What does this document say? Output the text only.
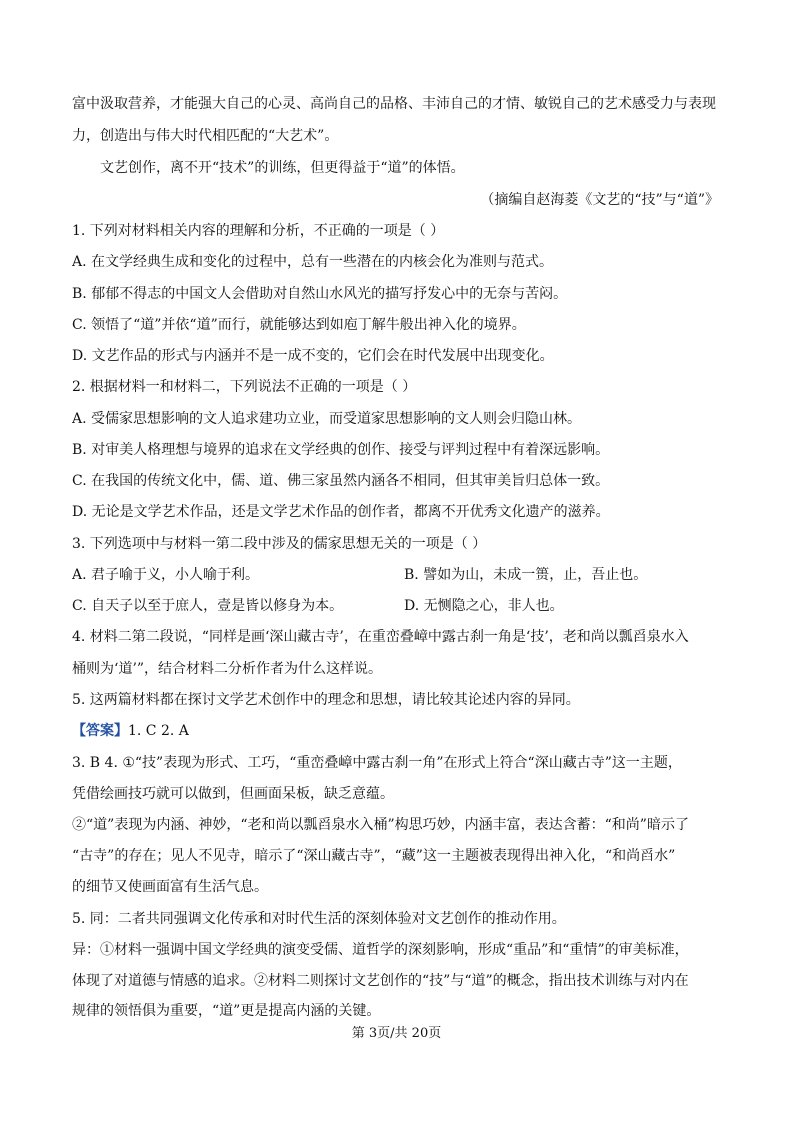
富中汲取营养，才能强大自己的心灵、高尚自己的品格、丰沛自己的才情、敏锐自己的艺术感受力与表现
力，创造出与伟大时代相匹配的“大艺术”。
文艺创作，离不开“技术”的训练，但更得益于“道”的体悟。
（摘编自赵海菱《文艺的“技”与“道”》
1. 下列对材料相关内容的理解和分析，不正确的一项是（ ）
A. 在文学经典生成和变化的过程中，总有一些潜在的内核会化为准则与范式。
B. 郁郁不得志的中国文人会借助对自然山水风光的描写抒发心中的无奈与苦闷。
C. 领悟了“道”并依“道”而行，就能够达到如庖丁解牛般出神入化的境界。
D. 文艺作品的形式与内涵并不是一成不变的，它们会在时代发展中出现变化。
2. 根据材料一和材料二，下列说法不正确的一项是（ ）
A. 受儒家思想影响的文人追求建功立业，而受道家思想影响的文人则会归隐山林。
B. 对审美人格理想与境界的追求在文学经典的创作、接受与评判过程中有着深远影响。
C. 在我国的传统文化中，儒、道、佛三家虽然内涵各不相同，但其审美旨归总体一致。
D. 无论是文学艺术作品，还是文学艺术作品的创作者，都离不开优秀文化遗产的滋养。
3. 下列选项中与材料一第二段中涉及的儒家思想无关的一项是（ ）
A. 君子喻于义，小人喻于利。	B. 譬如为山，未成一篑，止，吾止也。
C. 自天子以至于庶人，壹是皆以修身为本。	D. 无恻隐之心，非人也。
4. 材料二第二段说，“同样是画‘深山藏古寺’，在重峦叠嶂中露古刹一角是‘技’，老和尚以瓢舀泉水入
桶则为‘道’”，结合材料二分析作者为什么这样说。
5. 这两篇材料都在探讨文学艺术创作中的理念和思想，请比较其论述内容的异同。
【答案】1. C 2. A
3. B 4. ①“技”表现为形式、工巧，“重峦叠嶂中露古刹一角”在形式上符合“深山藏古寺”这一主题，
凭借绘画技巧就可以做到，但画面呆板，缺乏意蕴。
②“道”表现为内涵、神妙，“老和尚以瓢舀泉水入桶”构思巧妙，内涵丰富，表达含蓄：“和尚”暗示了
“古寺”的存在；见人不见寺，暗示了“深山藏古寺”，“藏”这一主题被表现得出神入化，“和尚舀水”
的细节又使画面富有生活气息。
5. 同：二者共同强调文化传承和对时代生活的深刻体验对文艺创作的推动作用。
异：①材料一强调中国文学经典的演变受儒、道哲学的深刻影响，形成“重品”和“重情”的审美标准，
体现了对道德与情感的追求。②材料二则探讨文艺创作的“技”与“道”的概念，指出技术训练与对内在
规律的领悟俱为重要，“道”更是提高内涵的关键。
第 3页/共 20页
